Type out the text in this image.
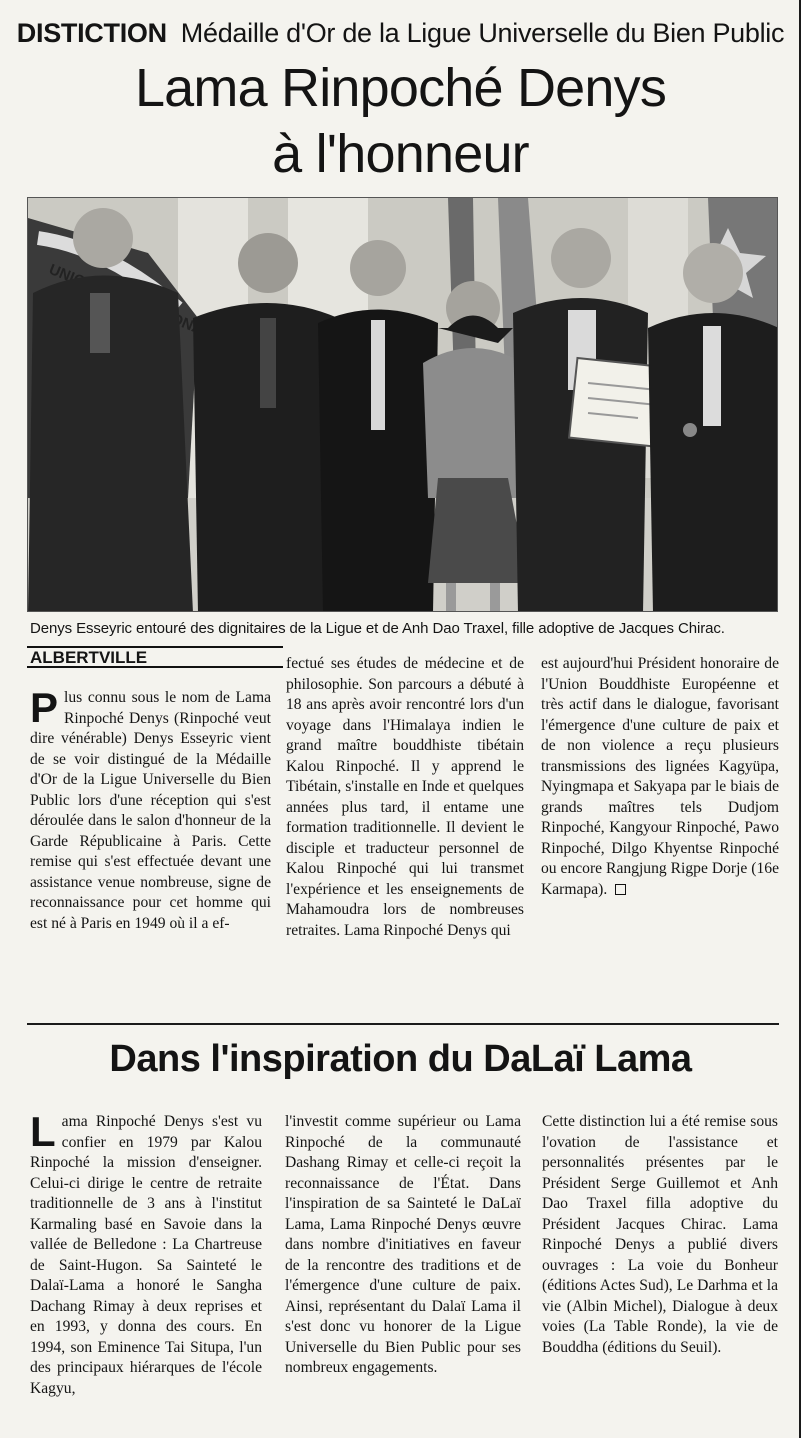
DISTICTION Médaille d'Or de la Ligue Universelle du Bien Public
Lama Rinpoché Denys
à l'honneur
UNION
Denys Esseyric entouré des dignitaires de la Ligue et de Anh Dao Traxel, fille adoptive de Jacques Chirac.
ALBERTVILLE

Plus connu sous le nom de Lama Rinpoché Denys (Rinpoché veut dire vénérable) Denys Esseyric vient de se voir distingué de la Médaille d'Or de la Ligue Universelle du Bien Public lors d'une réception qui s'est déroulée dans le salon d'honneur de la Garde Républicaine à Paris. Cette remise qui s'est effectuée devant une assistance venue nombreuse, signe de reconnaissance pour cet homme qui est né à Paris en 1949 où il a ef-

fectué ses études de médecine et de philosophie. Son parcours a débuté à 18 ans après avoir rencontré lors d'un voyage dans l'Himalaya indien le grand maître bouddhiste tibétain Kalou Rinpoché. Il y apprend le Tibétain, s'installe en Inde et quelques années plus tard, il entame une formation traditionnelle. Il devient le disciple et traducteur personnel de Kalou Rinpoché qui lui transmet l'expérience et les enseignements de Mahamoudra lors de nombreuses retraites. Lama Rinpoché Denys qui

est aujourd'hui Président honoraire de l'Union Bouddhiste Européenne et très actif dans le dialogue, favorisant l'émergence d'une culture de paix et de non violence a reçu plusieurs transmissions des lignées Kagyüpa, Nyingmapa et Sakyapa par le biais de grands maîtres tels Dudjom Rinpoché, Kangyour Rinpoché, Pawo Rinpoché, Dilgo Khyentse Rinpoché ou encore Rangjung Rigpe Dorje (16e Karmapa).

Dans l'inspiration du DaLaï Lama

Lama Rinpoché Denys s'est vu confier en 1979 par Kalou Rinpoché la mission d'enseigner. Celui-ci dirige le centre de retraite traditionnelle de 3 ans à l'institut Karmaling basé en Savoie dans la vallée de Belledone : La Chartreuse de Saint-Hugon. Sa Sainteté le Dalaï-Lama a honoré le Sangha Dachang Rimay à deux reprises et en 1993, y donna des cours. En 1994, son Eminence Tai Situpa, l'un des principaux hiérarques de l'école Kagyu,

l'investit comme supérieur ou Lama Rinpoché de la communauté Dashang Rimay et celle-ci reçoit la reconnaissance de l'État. Dans l'inspiration de sa Sainteté le DaLaï Lama, Lama Rinpoché Denys œuvre dans nombre d'initiatives en faveur de la rencontre des traditions et de l'émergence d'une culture de paix. Ainsi, représentant du Dalaï Lama il s'est donc vu honorer de la Ligue Universelle du Bien Public pour ses nombreux engagements.

Cette distinction lui a été remise sous l'ovation de l'assistance et personnalités présentes par le Président Serge Guillemot et Anh Dao Traxel filla adoptive du Président Jacques Chirac. Lama Rinpoché Denys a publié divers ouvrages : La voie du Bonheur (éditions Actes Sud), Le Darhma et la vie (Albin Michel), Dialogue à deux voies (La Table Ronde), la vie de Bouddha (éditions du Seuil).
